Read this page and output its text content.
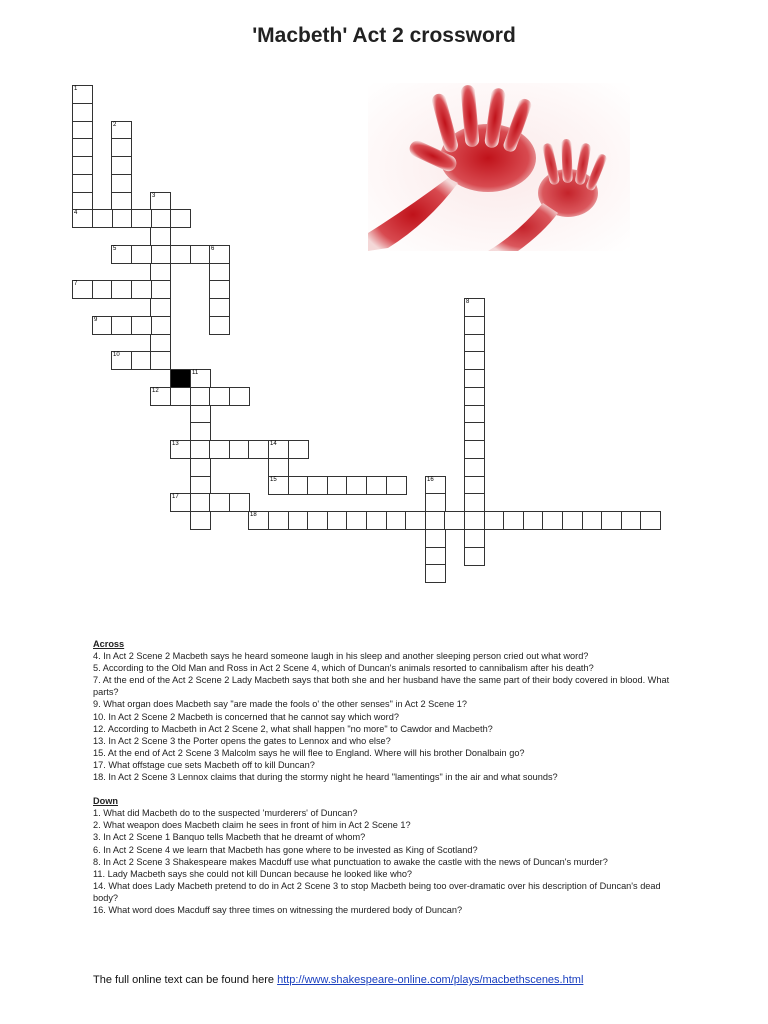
'Macbeth' Act 2 crossword
1
2
3
4
5	6
7
8
9
10
11
12
13	14
15	16
17
18
Across
4. In Act 2 Scene 2 Macbeth says he heard someone laugh in his sleep and another sleeping person cried out what word?
5. According to the Old Man and Ross in Act 2 Scene 4, which of Duncan's animals resorted to cannibalism after his death?
7. At the end of the Act 2 Scene 2 Lady Macbeth says that both she and her husband have the same part of their body covered in blood. What parts?
9. What organ does Macbeth say "are made the fools o' the other senses" in Act 2 Scene 1?
10. In Act 2 Scene 2 Macbeth is concerned that he cannot say which word?
12. According to Macbeth in Act 2 Scene 2, what shall happen "no more" to Cawdor and Macbeth?
13. In Act 2 Scene 3 the Porter opens the gates to Lennox and who else?
15. At the end of Act 2 Scene 3 Malcolm says he will flee to England. Where will his brother Donalbain go?
17. What offstage cue sets Macbeth off to kill Duncan?
18. In Act 2 Scene 3 Lennox claims that during the stormy night he heard "lamentings" in the air and what sounds?
Down
1. What did Macbeth do to the suspected 'murderers' of Duncan?
2. What weapon does Macbeth claim he sees in front of him in Act 2 Scene 1?
3. In Act 2 Scene 1 Banquo tells Macbeth that he dreamt of whom?
6. In Act 2 Scene 4 we learn that Macbeth has gone where to be invested as King of Scotland?
8. In Act 2 Scene 3 Shakespeare makes Macduff use what punctuation to awake the castle with the news of Duncan's murder?
11. Lady Macbeth says she could not kill Duncan because he looked like who?
14. What does Lady Macbeth pretend to do in Act 2 Scene 3 to stop Macbeth being too over-dramatic over his description of Duncan's dead body?
16. What word does Macduff say three times on witnessing the murdered body of Duncan?
The full online text can be found here http://www.shakespeare-online.com/plays/macbethscenes.html
